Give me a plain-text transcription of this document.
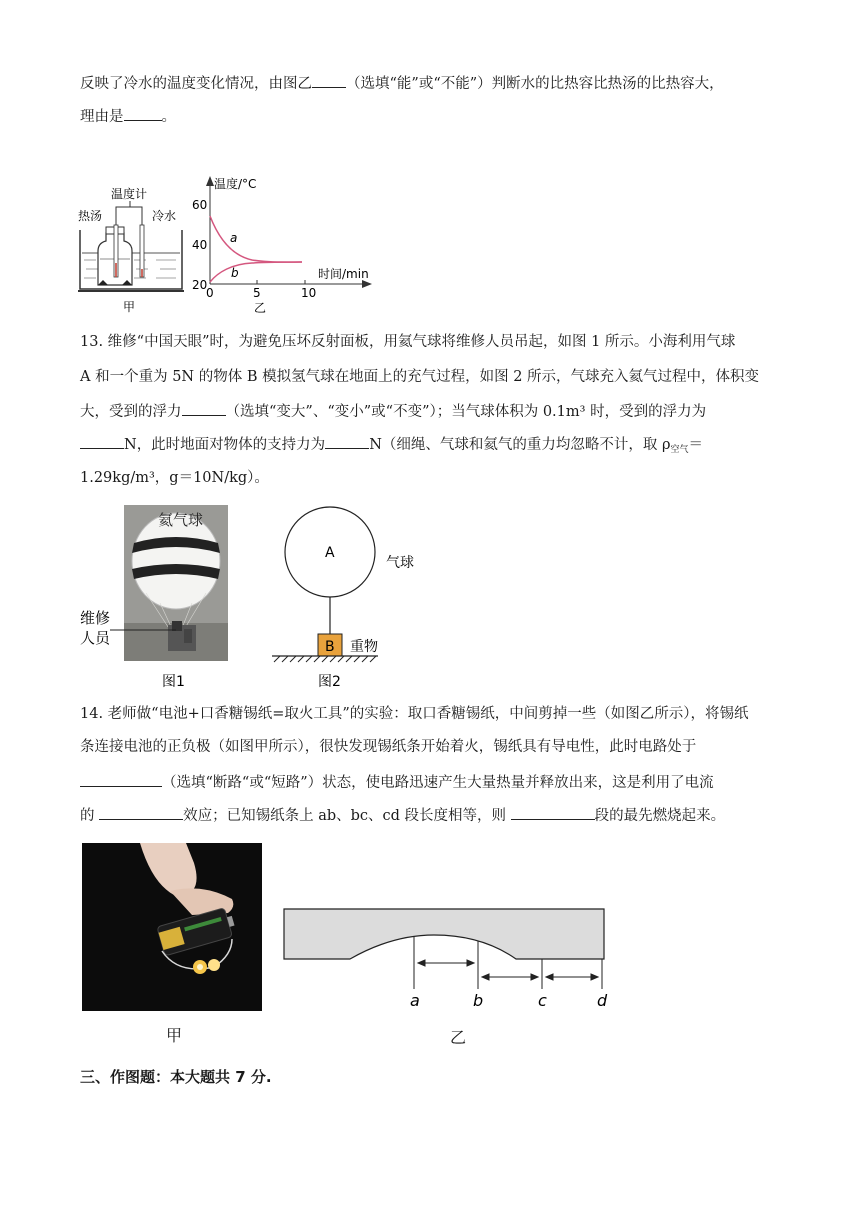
反映了冷水的温度变化情况，由图乙 （选填“能”或“不能”）判断水的比热容比热汤的比热容大，
理由是	。
温度计
热汤	冷水
甲
温度/°C
时间/min
60
40
20
0	5	10
a
b
乙
13. 维修“中国天眼”时，为避免压坏反射面板，用氦气球将维修人员吊起，如图 1 所示。小海利用气球
A 和一个重为 5N 的物体 B 模拟氢气球在地面上的充气过程，如图 2 所示，气球充入氦气过程中，体积变
大，受到的浮力	（选填“变大”、“变小”或“不变”）；当气球体积为 0.1m³ 时，受到的浮力为
N，此时地面对物体的支持力为	N（细绳、气球和氦气的重力均忽略不计，取 $\rho_{空气}=$
1.29kg/m³，g＝10N/kg）。
氦气球
维修
人员
图1
A
气球
B 重物
图2
14. 老师做“电池+口香糖锡纸=取火工具”的实验：取口香糖锡纸，中间剪掉一些（如图乙所示），将锡纸
条连接电池的正负极（如图甲所示），很快发现锡纸条开始着火，锡纸具有导电性，此时电路处于
（选填“断路“或“短路”）状态，使电路迅速产生大量热量并释放出来，这是利用了电流
的	效应；已知锡纸条上 ab、bc、cd 段长度相等，则	段的最先燃烧起来。
甲
a	b	c	d
乙
三、作图题：本大题共 7 分.
